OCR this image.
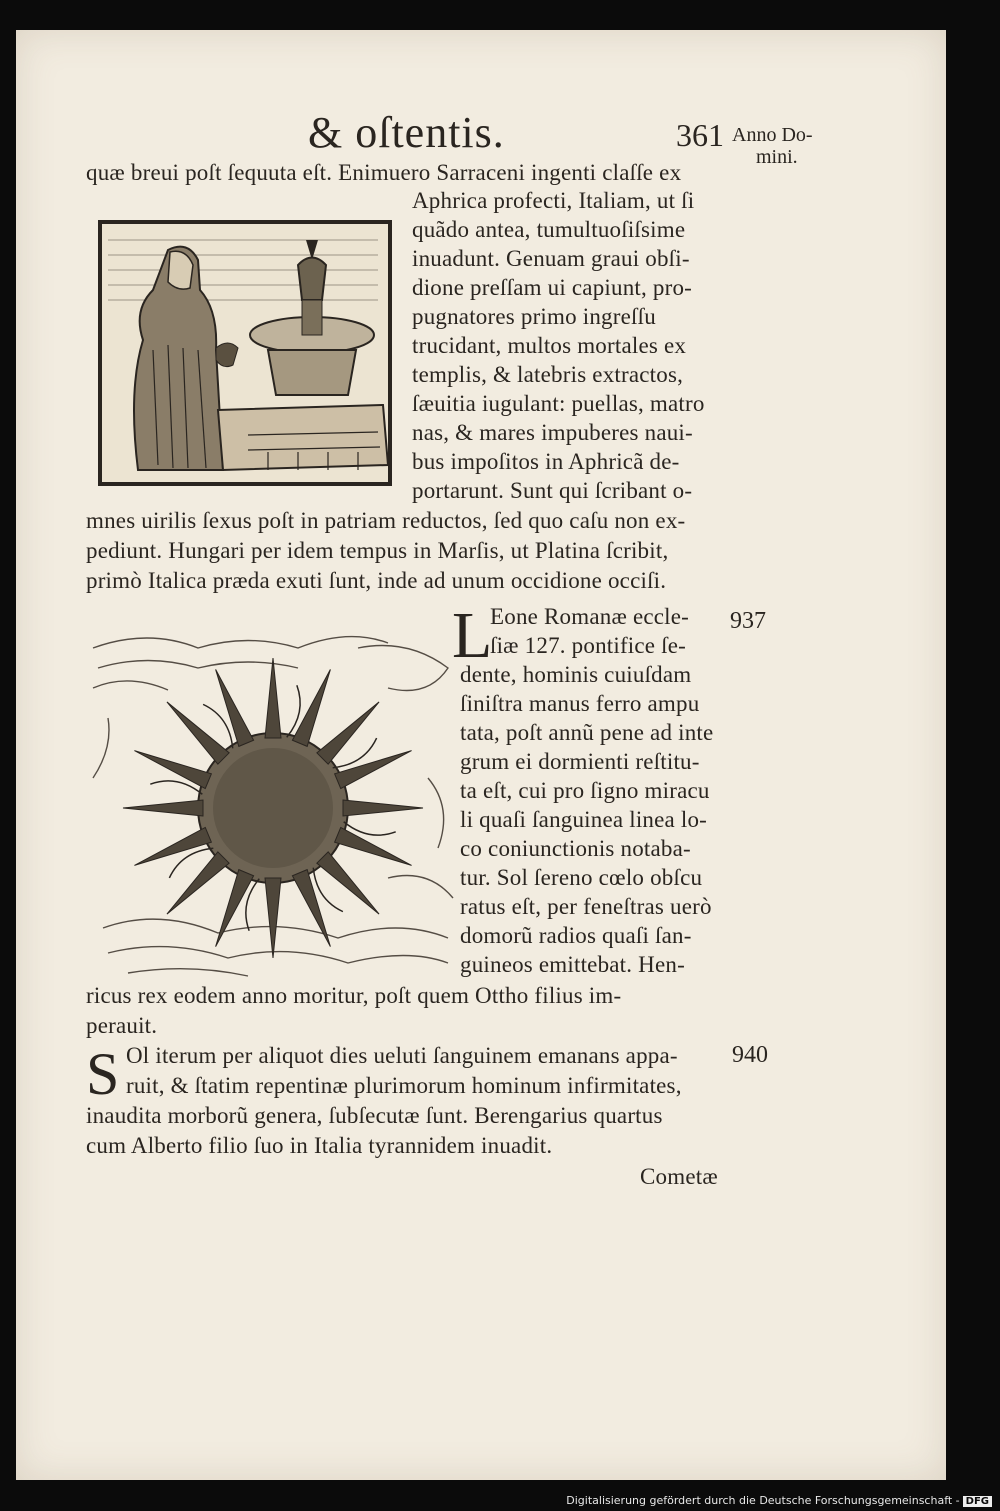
& oſtentis.	361 Anno Do-
mini.
L
S
937
940
quæ breui poſt ſequuta eſt. Enimuero Sarraceni ingenti claſſe ex
Aphrica profecti, Italiam, ut ſi
quãdo antea, tumultuoſiſsime
inuadunt. Genuam graui obſi-
dione preſſam ui capiunt, pro-
pugnatores primo ingreſſu
trucidant, multos mortales ex
templis, & latebris extractos,
ſæuitia iugulant: puellas, matro
nas, & mares impuberes naui-
bus impoſitos in Aphricã de-
portarunt. Sunt qui ſcribant o-
mnes uirilis ſexus poſt in patriam reductos, ſed quo caſu non ex-
pediunt. Hungari per idem tempus in Marſis, ut Platina ſcribit,
primò Italica præda exuti ſunt, inde ad unum occidione occiſi.
Eone Romanæ eccle-
ſiæ 127. pontifice ſe-
dente, hominis cuiuſdam
ſiniſtra manus ferro ampu
tata, poſt annũ pene ad inte
grum ei dormienti reſtitu-
ta eſt, cui pro ſigno miracu
li quaſi ſanguinea linea lo-
co coniunctionis notaba-
tur. Sol ſereno cœlo obſcu
ratus eſt, per feneſtras uerò
domorũ radios quaſi ſan-
guineos emittebat. Hen-
ricus rex eodem anno moritur, poſt quem Ottho filius im-
perauit.
Ol iterum per aliquot dies ueluti ſanguinem emanans appa-
ruit, & ſtatim repentinæ plurimorum hominum infirmitates,
inaudita morborũ genera, ſubſecutæ ſunt. Berengarius quartus
cum Alberto filio ſuo in Italia tyrannidem inuadit.
Cometæ
Digitalisierung gefördert durch die Deutsche Forschungsgemeinschaft - DFG
